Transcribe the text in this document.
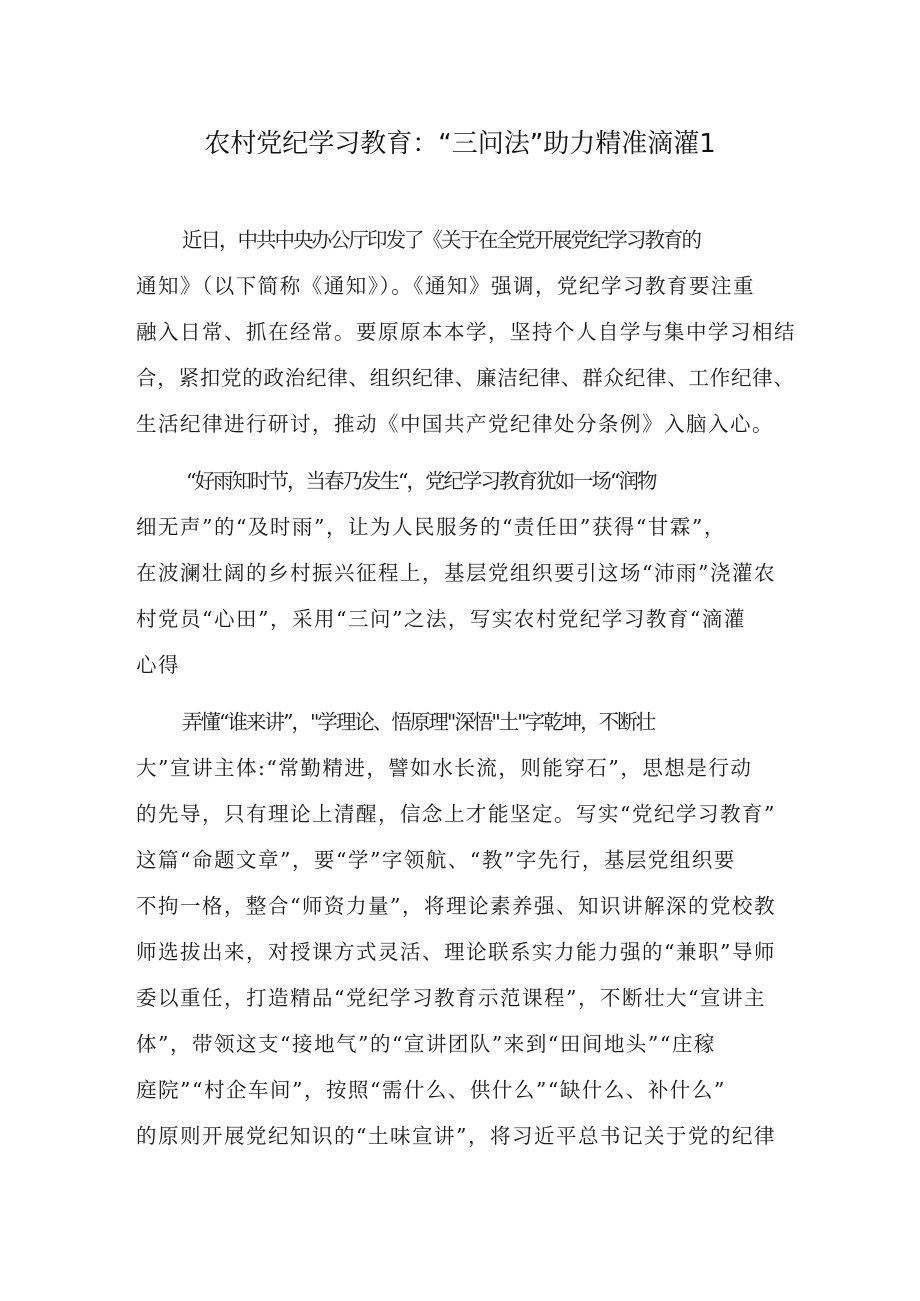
农村党纪学习教育：“三问法”助力精准滴灌1
近日，中共中央办公厅印发了《关于在全党开展党纪学习教育的
通知》（以下简称《通知》）。《通知》强调，党纪学习教育要注重
融入日常、抓在经常。要原原本本学，坚持个人自学与集中学习相结
合，紧扣党的政治纪律、组织纪律、廉洁纪律、群众纪律、工作纪律、
生活纪律进行研讨，推动《中国共产党纪律处分条例》入脑入心。
“好雨知时节，当春乃发生“，党纪学习教育犹如一场“润物
细无声”的“及时雨”，让为人民服务的“责任田”获得“甘霖”，
在波澜壮阔的乡村振兴征程上，基层党组织要引这场“沛雨”浇灌农
村党员“心田”，采用“三问”之法，写实农村党纪学习教育“滴灌
心得
弄懂“谁来讲”，"学理论、悟原理"深悟"土"字乾坤，不断壮
大”宣讲主体:“常勤精进，譬如水长流，则能穿石”，思想是行动
的先导，只有理论上清醒，信念上才能坚定。写实“党纪学习教育”
这篇“命题文章”，要“学”字领航、“教”字先行，基层党组织要
不拘一格，整合“师资力量”，将理论素养强、知识讲解深的党校教
师选拔出来，对授课方式灵活、理论联系实力能力强的“兼职”导师
委以重任，打造精品“党纪学习教育示范课程”，不断壮大“宣讲主
体”，带领这支“接地气”的“宣讲团队”来到“田间地头”“庄稼
庭院”“村企车间”，按照“需什么、供什么”“缺什么、补什么”
的原则开展党纪知识的“土味宣讲”，将习近平总书记关于党的纪律
